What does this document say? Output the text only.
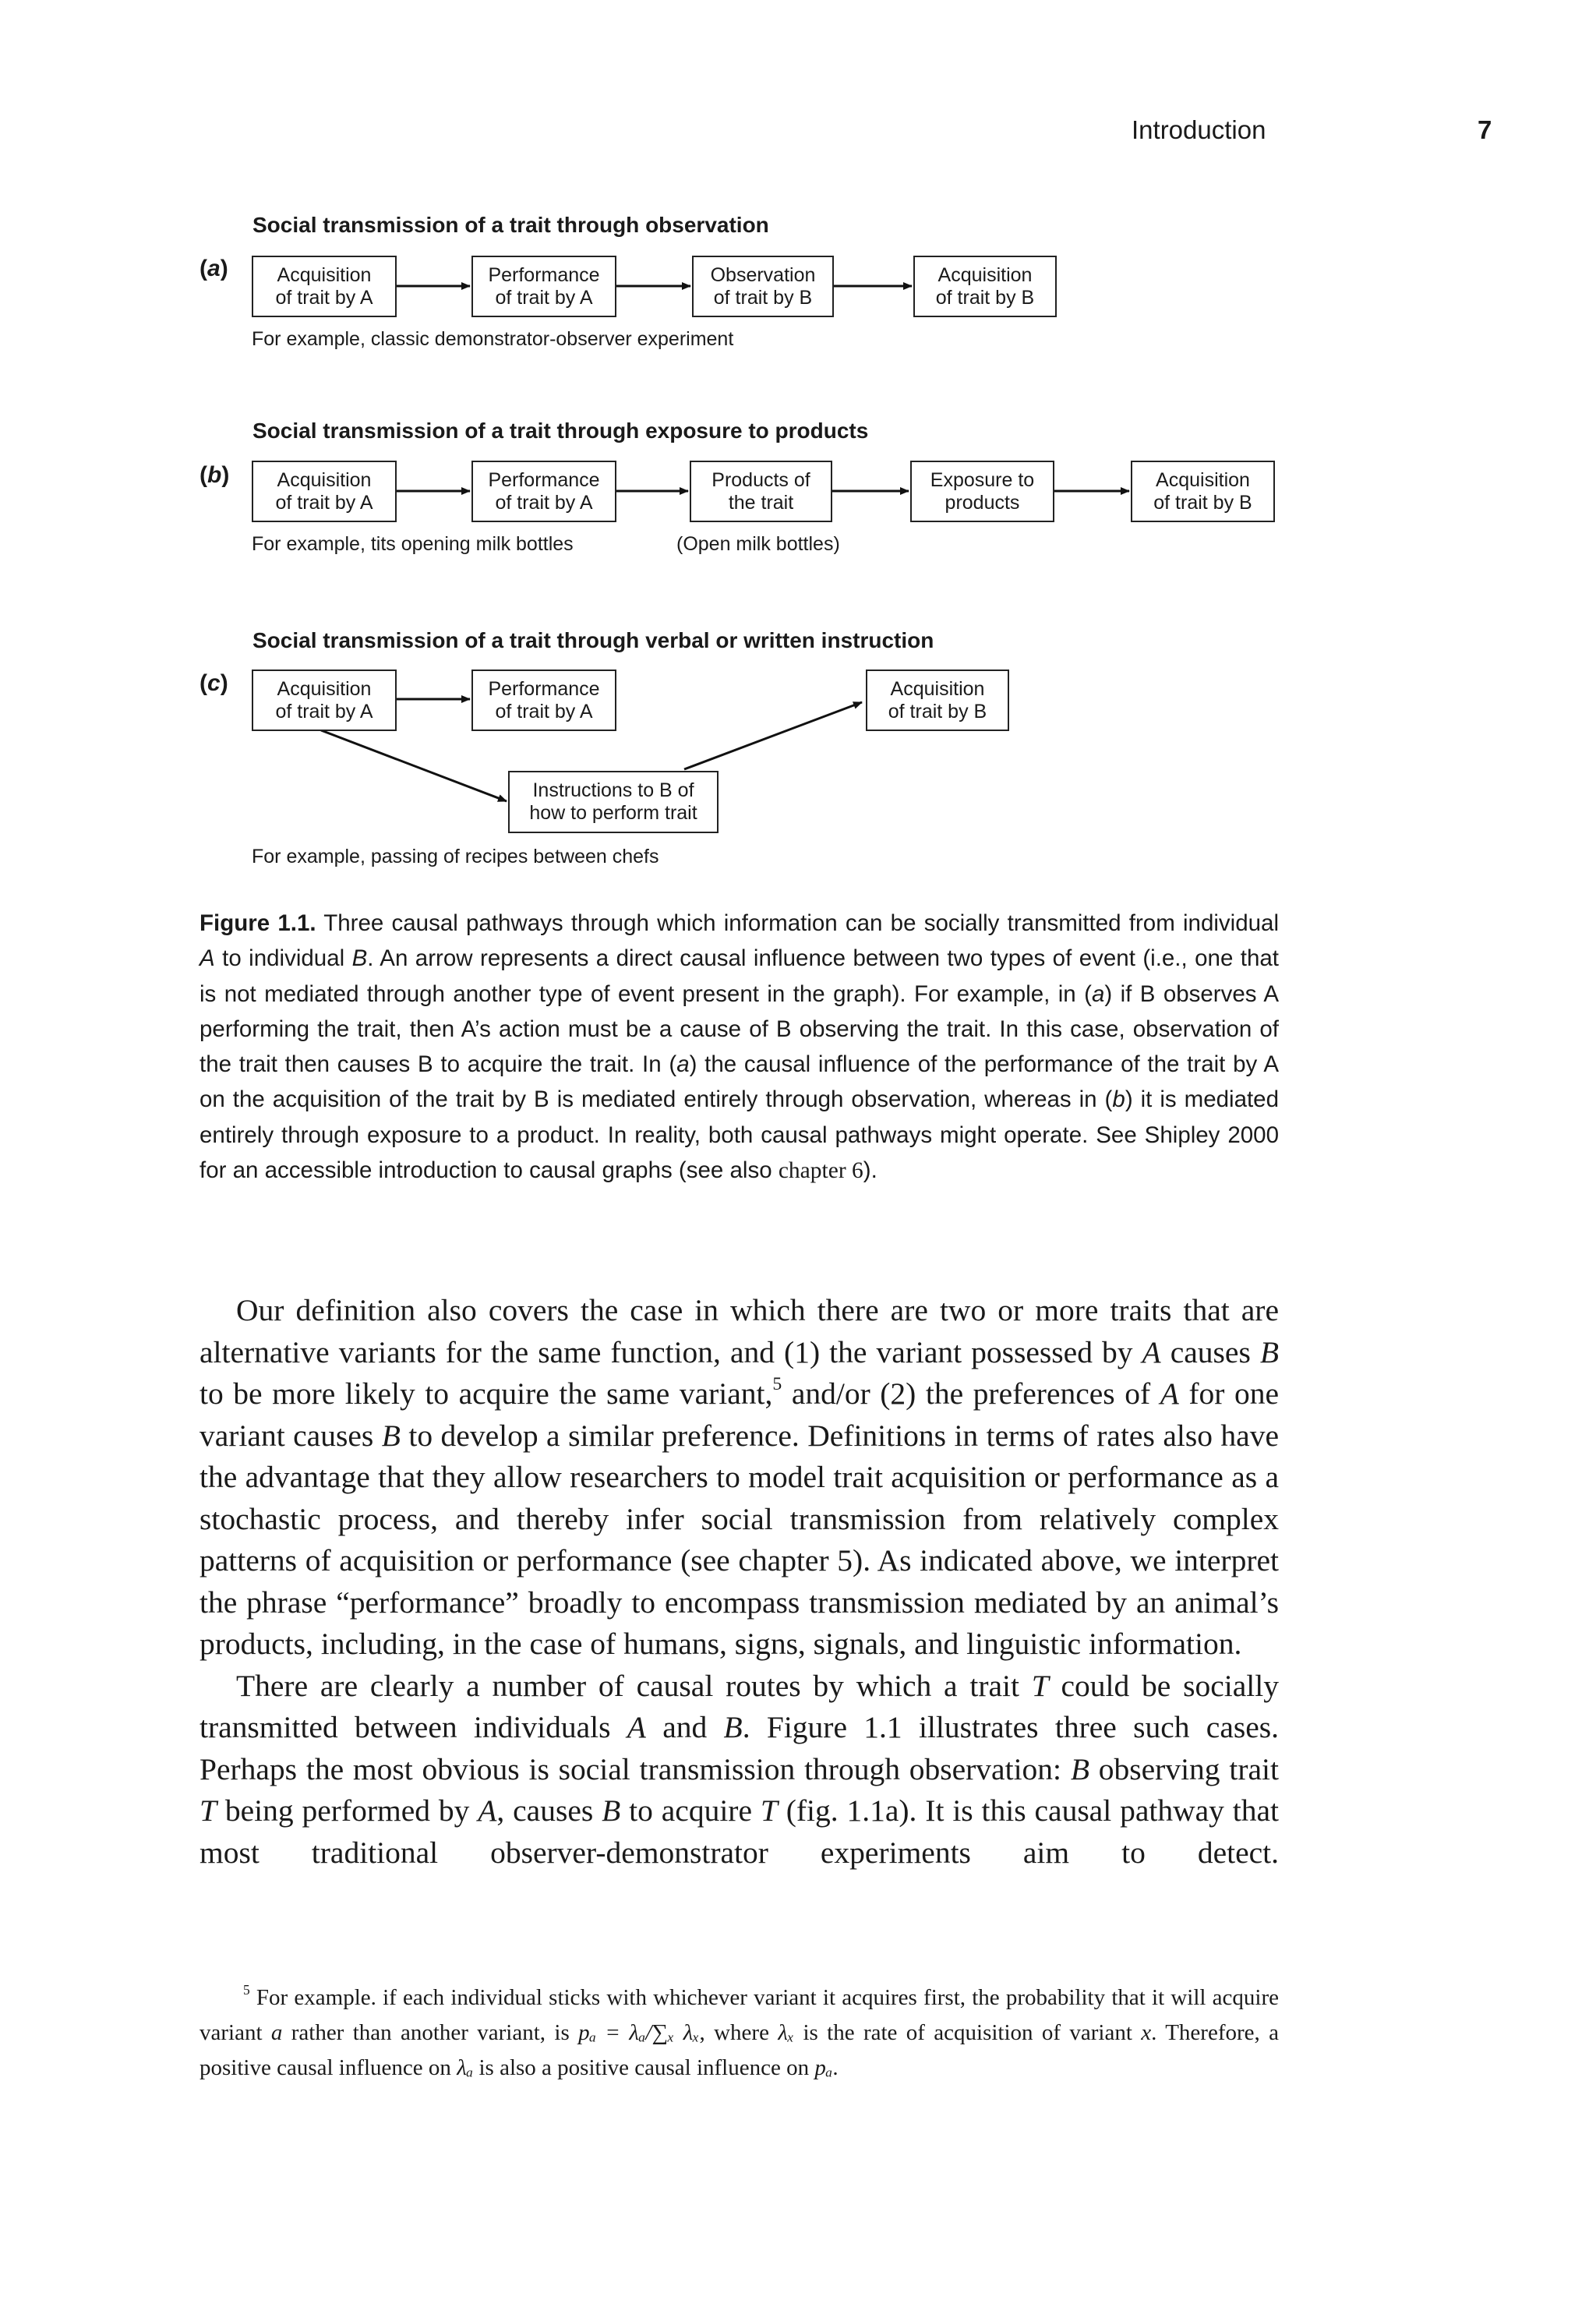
Introduction	7
(a)
Social transmission of a trait through observation
Acquisition
of trait by A
Performance
of trait by A
Observation
of trait by B
Acquisition
of trait by B
For example, classic demonstrator-observer experiment
(b)
Social transmission of a trait through exposure to products
Acquisition
of trait by A
Performance
of trait by A
Products of
the trait
Exposure to
products
Acquisition
of trait by B
For example, tits opening milk bottles	(Open milk bottles)
(c)
Social transmission of a trait through verbal or written instruction
Acquisition
of trait by A
Performance
of trait by A
Acquisition
of trait by B
Instructions to B of
how to perform trait
For example, passing of recipes between chefs
Figure 1.1. Three causal pathways through which information can be socially transmitted from individual A to individual B. An arrow represents a direct causal influence between two types of event (i.e., one that is not mediated through another type of event present in the graph). For example, in (a) if B observes A performing the trait, then A’s action must be a cause of B observing the trait. In this case, observation of the trait then causes B to acquire the trait. In (a) the causal influence of the performance of the trait by A on the acquisition of the trait by B is mediated entirely through observation, whereas in (b) it is mediated entirely through exposure to a product. In reality, both causal pathways might operate. See Shipley 2000 for an accessible introduction to causal graphs (see also chapter 6).

Our definition also covers the case in which there are two or more traits that are alternative variants for the same function, and (1) the variant possessed by A causes B to be more likely to acquire the same variant,$^5$ and/or (2) the preferences of A for one variant causes B to develop a similar preference. Definitions in terms of rates also have the advantage that they allow researchers to model trait acquisition or performance as a stochastic process, and thereby infer social transmission from relatively complex patterns of acquisition or performance (see chapter 5). As indicated above, we interpret the phrase “performance” broadly to encompass transmission mediated by an animal’s products, including, in the case of humans, signs, signals, and linguistic information.

There are clearly a number of causal routes by which a trait T could be socially transmitted between individuals A and B. Figure 1.1 illustrates three such cases. Perhaps the most obvious is social transmission through observation: B observing trait T being performed by A, causes B to acquire T (fig. 1.1a). It is this causal pathway that most traditional observer-demonstrator experiments aim to detect.

$^5$ For example. if each individual sticks with whichever variant it acquires first, the probability that it will acquire variant a rather than another variant, is pₐ = λₐ/∑ₓ λₓ, where λₓ is the rate of acquisition of variant x. Therefore, a positive causal influence on λₐ is also a positive causal influence on pₐ.
